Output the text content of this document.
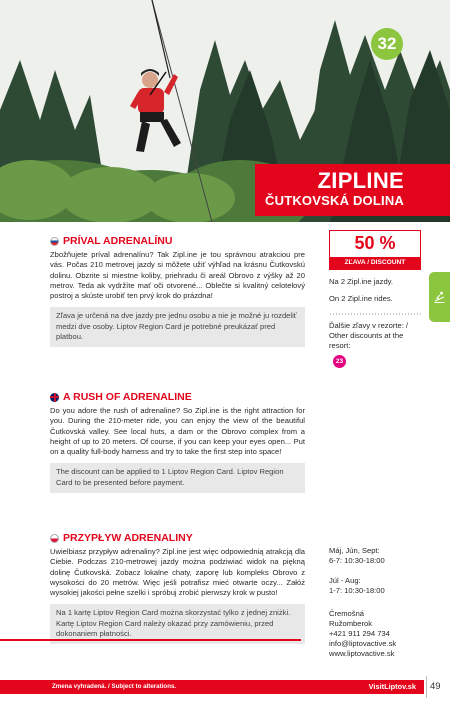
32
ZIPLINE
ČUTKOVSKÁ DOLINA
PRÍVAL ADRENALÍNU

Zbožňujete príval adrenalínu? Tak Zipl.ine je tou správnou atrakciou pre vás. Počas 210 metrovej jazdy si môžete užiť výhľad na krásnu Čutkovskú dolinu. Obzrite si miestne koliby, priehradu či areál Obrovo z výšky až 20 metrov. Teda ak vydržíte mať oči otvorené... Oblečte si kvalitný celotelový postroj a skúste urobiť ten prvý krok do prázdna!

Zľava je určená na dve jazdy pre jednu osobu a nie je možné ju rozdeliť medzi dve osoby. Liptov Region Card je potrebné preukázať pred platbou.
A RUSH OF ADRENALINE

Do you adore the rush of adrenaline? So Zipl.ine is the right attraction for you. During the 210-meter ride, you can enjoy the view of the beautiful Čutkovská valley. See local huts, a dam or the Obrovo complex from a height of up to 20 meters. Of course, if you can keep your eyes open... Put on a quality full-body harness and try to take the first step into space!

The discount can be applied to 1 Liptov Region Card. Liptov Region Card to be presented before payment.
PRZYPŁYW ADRENALINY

Uwielbiasz przypływ adrenaliny? Zipl.ine jest więc odpowiednią atrakcją dla Ciebie. Podczas 210-metrowej jazdy można podziwiać widok na piękną dolinę Čutkovská. Zobacz lokalne chaty, zaporę lub kompleks Obrovo z wysokości do 20 metrów. Więc jeśli potrafisz mieć otwarte oczy... Załóż wysokiej jakości pełne szelki i spróbuj zrobić pierwszy krok w pusto!

Na 1 kartę Liptov Region Card można skorzystać tylko z jednej zniżki. Kartę Liptov Region Card należy okazać przy zamówieniu, przed dokonaniem płatności.
50 %
ZĽAVA / DISCOUNT
Na 2 Zipl.ine jazdy.
On 2 Zipl.ine rides.
Ďalšie zľavy v rezorte: / Other discounts at the resort:
23
Máj, Jún, Sept:
6-7: 10:30-18:00
Júl - Aug:
1-7: 10:30-18:00
Čremošná
Ružomberok
+421 911 294 734
info@liptovactive.sk
www.liptovactive.sk
Zmena vyhradená. / Subject to alterations.	VisitLiptov.sk 49
